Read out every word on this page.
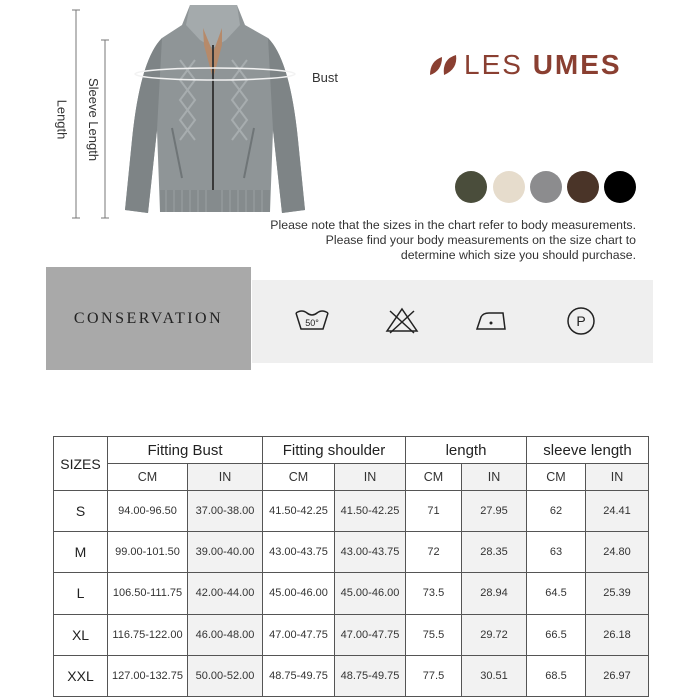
Length Sleeve Length
Bust	LES UMES
Please note that the sizes in the chart refer to body measurements.
Please find your body measurements on the size chart to
determine which size you should purchase.
CONSERVATION	50°	P
SIZES	Fitting Bust		Fitting shoulder		length		sleeve length	
	CM	IN	CM	IN	CM	IN	CM	IN
S	94.00-96.50	37.00-38.00	41.50-42.25	41.50-42.25	71	27.95	62	24.41
M	99.00-101.50	39.00-40.00	43.00-43.75	43.00-43.75	72	28.35	63	24.80
L	106.50-111.75	42.00-44.00	45.00-46.00	45.00-46.00	73.5	28.94	64.5	25.39
XL	116.75-122.00	46.00-48.00	47.00-47.75	47.00-47.75	75.5	29.72	66.5	26.18
XXL	127.00-132.75	50.00-52.00	48.75-49.75	48.75-49.75	77.5	30.51	68.5	26.97
